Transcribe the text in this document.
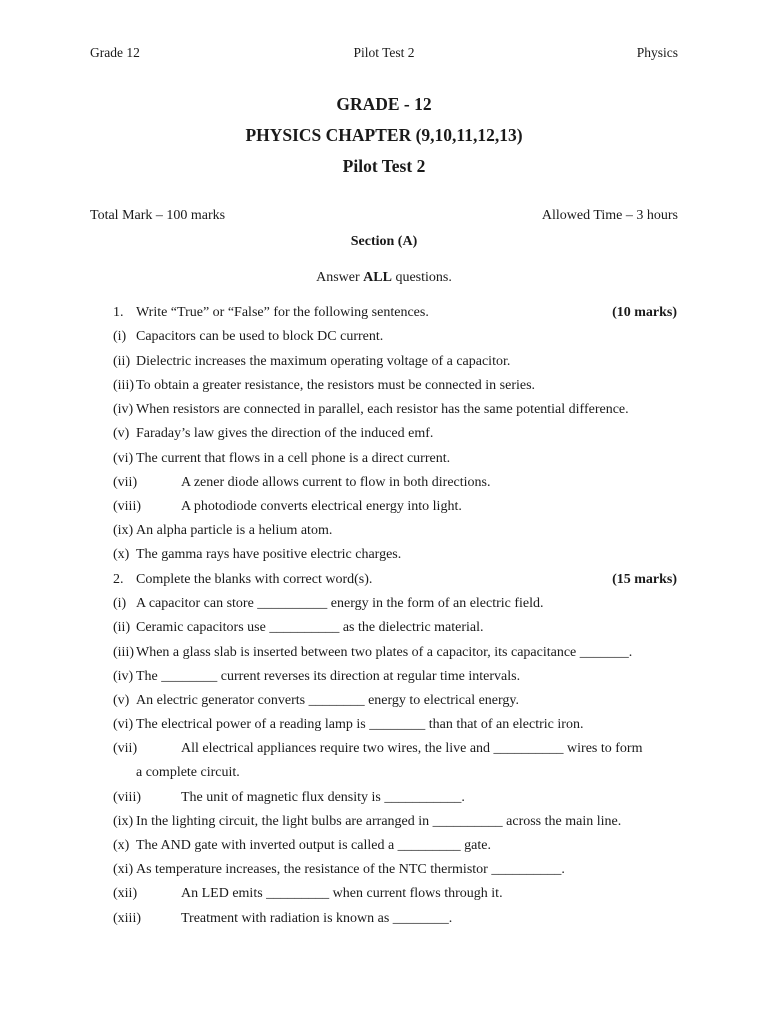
Grade 12	Pilot Test 2	Physics
GRADE - 12
PHYSICS CHAPTER (9,10,11,12,13)
Pilot Test 2
Total Mark – 100 marks	Allowed Time – 3 hours
Section (A)
Answer ALL questions.
1. Write “True” or “False” for the following sentences.	(10 marks)
(i) Capacitors can be used to block DC current.
(ii) Dielectric increases the maximum operating voltage of a capacitor.
(iii) To obtain a greater resistance, the resistors must be connected in series.
(iv) When resistors are connected in parallel, each resistor has the same potential difference.
(v) Faraday’s law gives the direction of the induced emf.
(vi) The current that flows in a cell phone is a direct current.
(vii)	A zener diode allows current to flow in both directions.
(viii)	A photodiode converts electrical energy into light.
(ix) An alpha particle is a helium atom.
(x) The gamma rays have positive electric charges.
2. Complete the blanks with correct word(s).	(15 marks)
(i) A capacitor can store __________ energy in the form of an electric field.
(ii) Ceramic capacitors use __________ as the dielectric material.
(iii) When a glass slab is inserted between two plates of a capacitor, its capacitance _______.
(iv) The ________ current reverses its direction at regular time intervals.
(v) An electric generator converts ________ energy to electrical energy.
(vi) The electrical power of a reading lamp is ________ than that of an electric iron.
(vii)	All electrical appliances require two wires, the live and __________ wires to form
a complete circuit.
(viii)	The unit of magnetic flux density is ___________.
(ix) In the lighting circuit, the light bulbs are arranged in __________ across the main line.
(x) The AND gate with inverted output is called a _________ gate.
(xi) As temperature increases, the resistance of the NTC thermistor __________.
(xii)	An LED emits _________ when current flows through it.
(xiii)	Treatment with radiation is known as ________.
